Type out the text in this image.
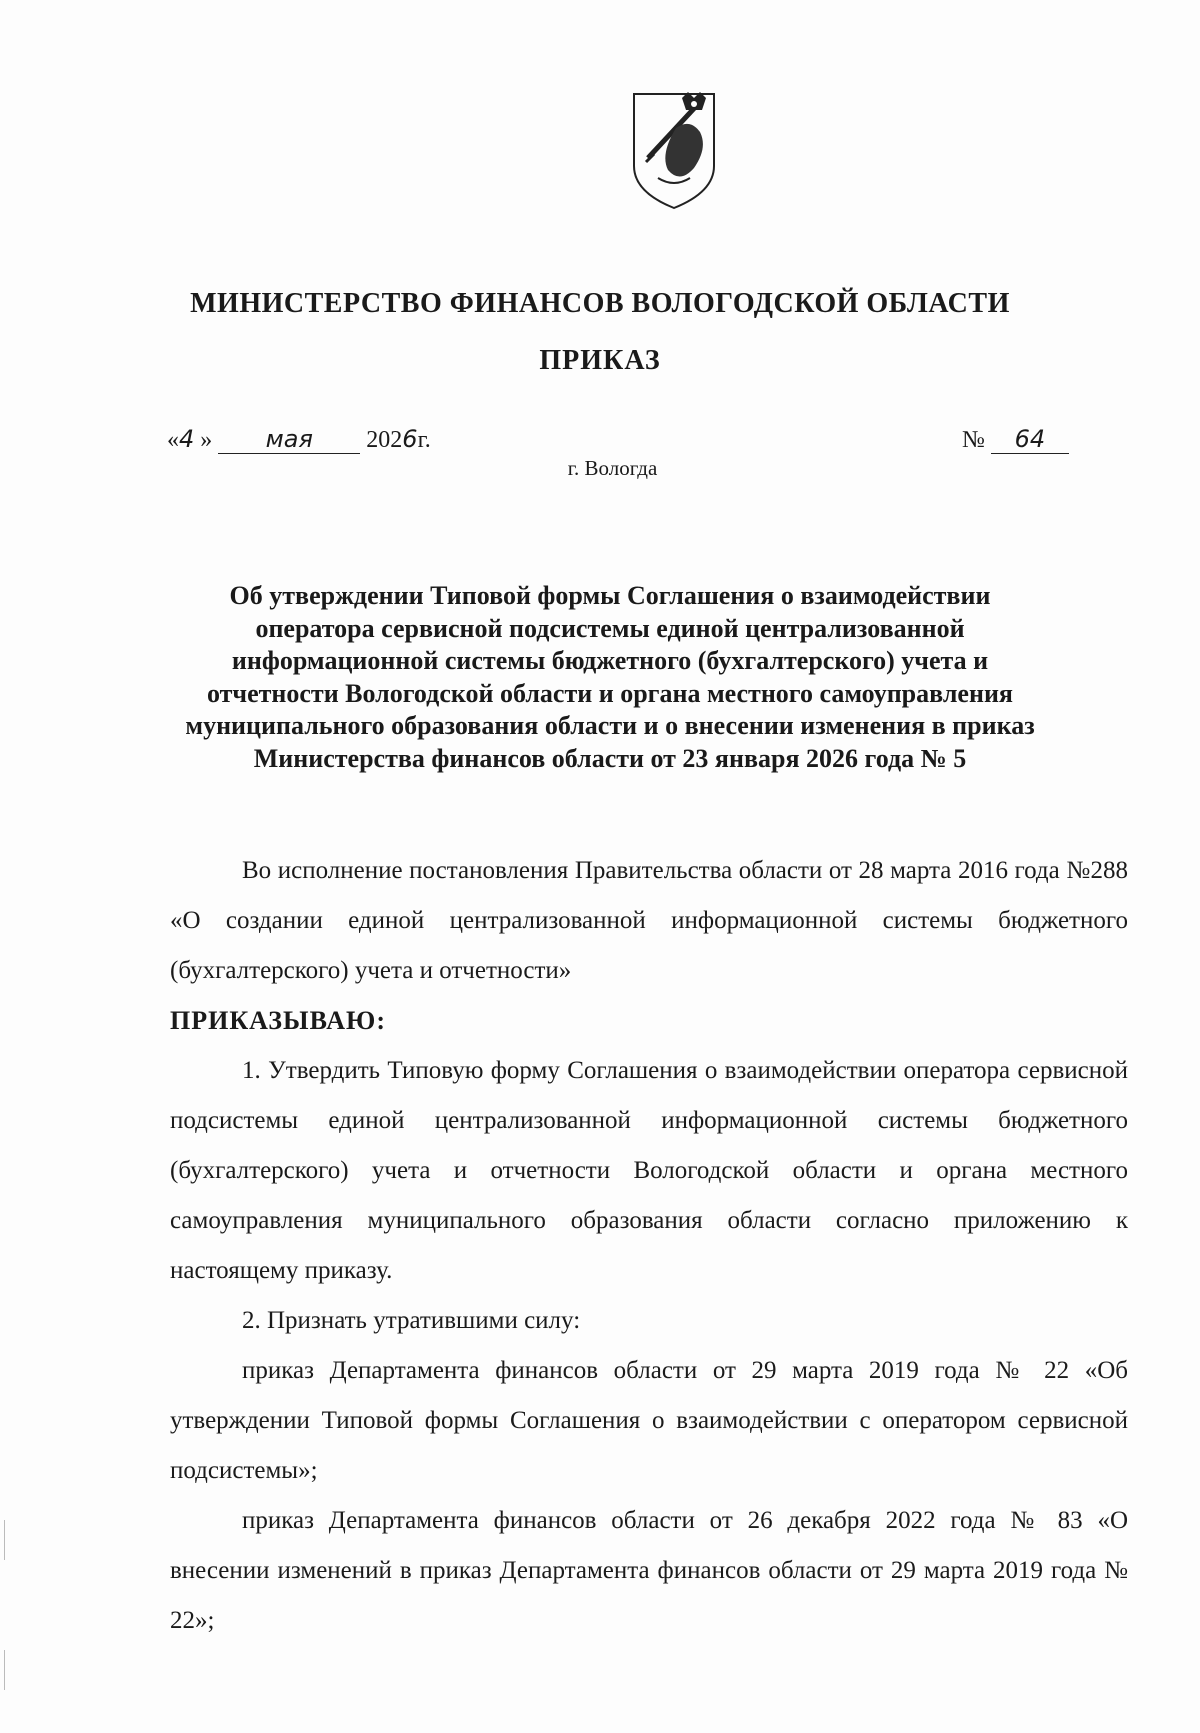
МИНИСТЕРСТВО ФИНАНСОВ ВОЛОГОДСКОЙ ОБЛАСТИ
ПРИКАЗ
«4 » мая 2026г.	№ 64
г. Вологда
Об утверждении Типовой формы Соглашения о взаимодействии
оператора сервисной подсистемы единой централизованной
информационной системы бюджетного (бухгалтерского) учета и
отчетности Вологодской области и органа местного самоуправления
муниципального образования области и о внесении изменения в приказ
Министерства финансов области от 23 января 2026 года № 5

Во исполнение постановления Правительства области от 28 марта 2016 года №288 «О создании единой централизованной информационной системы бюджетного (бухгалтерского) учета и отчетности»

ПРИКАЗЫВАЮ:

1. Утвердить Типовую форму Соглашения о взаимодействии оператора сервисной подсистемы единой централизованной информационной системы бюджетного (бухгалтерского) учета и отчетности Вологодской области и органа местного самоуправления муниципального образования области согласно приложению к настоящему приказу.

2. Признать утратившими силу:

приказ Департамента финансов области от 29 марта 2019 года № 22 «Об утверждении Типовой формы Соглашения о взаимодействии с оператором сервисной подсистемы»;

приказ Департамента финансов области от 26 декабря 2022 года № 83 «О внесении изменений в приказ Департамента финансов области от 29 марта 2019 года № 22»;
